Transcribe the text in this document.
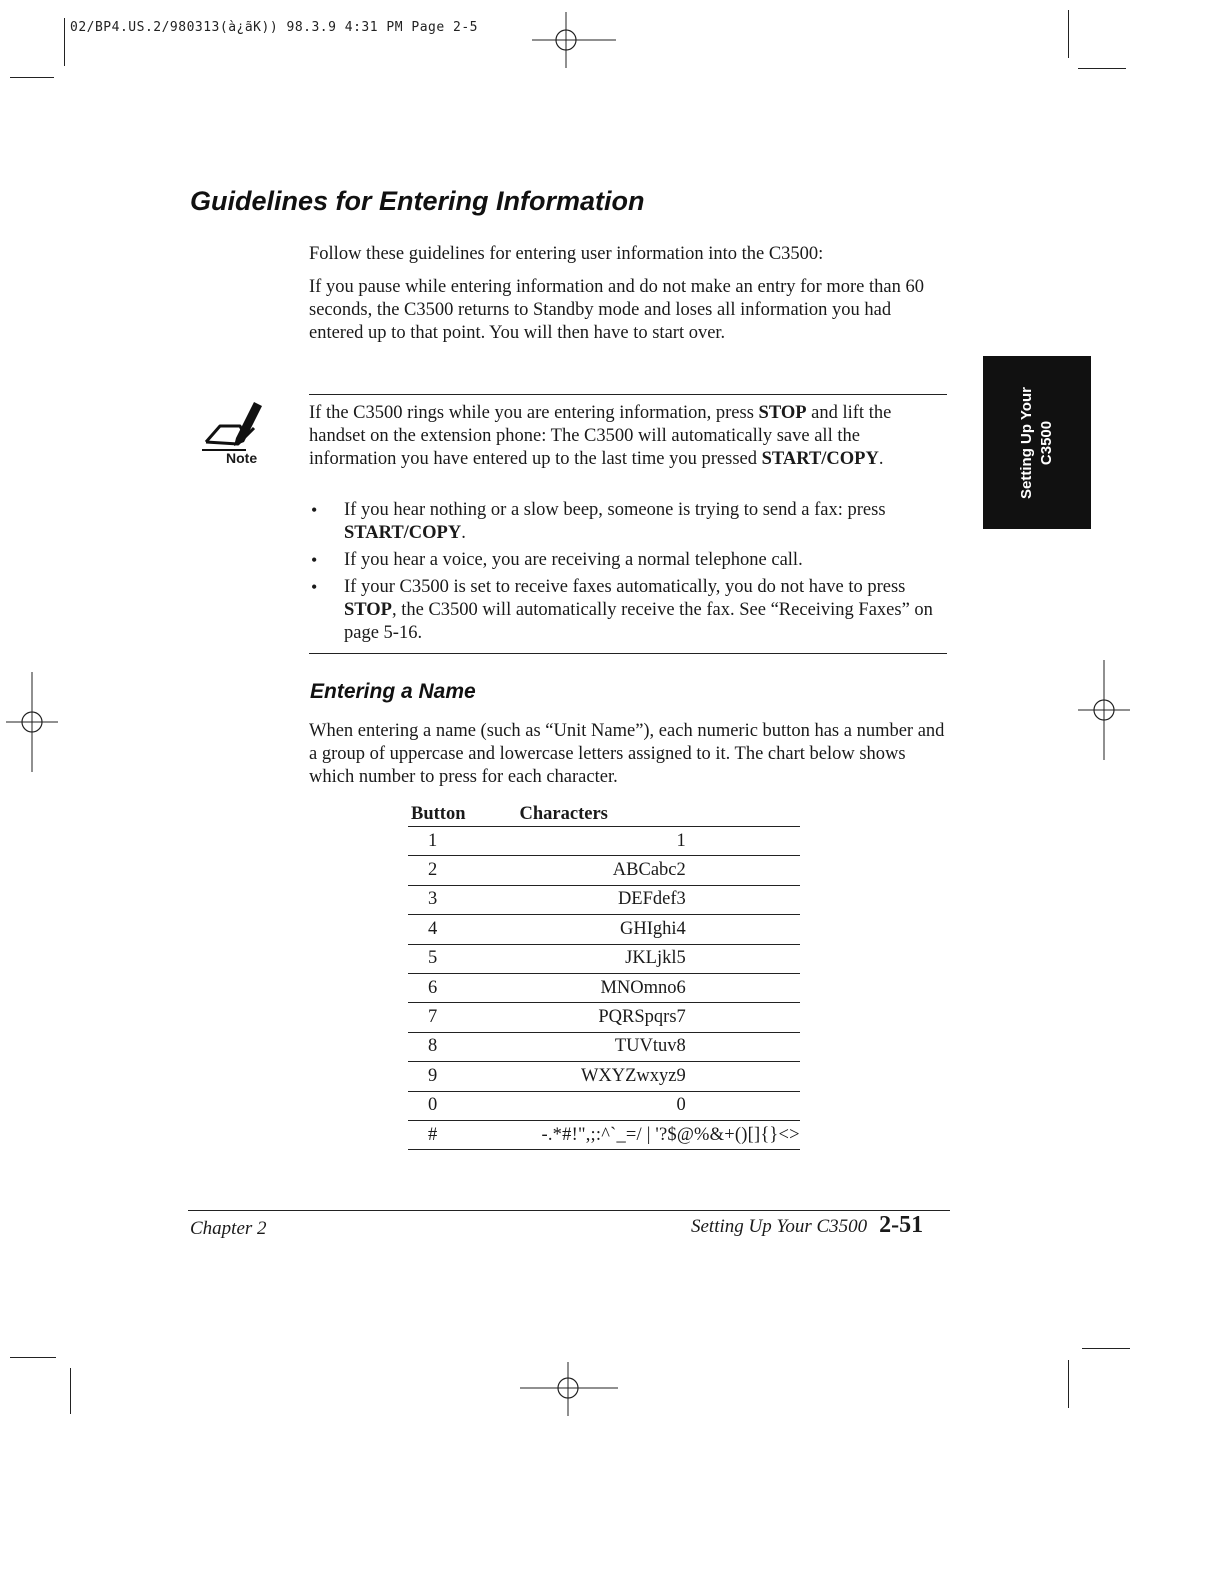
02/BP4.US.2/980313(à¿ãK)) 98.3.9 4:31 PM Page 2-5
Setting Up Your C3500
Guidelines for Entering Information

Follow these guidelines for entering user information into the C3500:

If you pause while entering information and do not make an entry for more than 60 seconds, the C3500 returns to Standby mode and loses all information you had entered up to that point. You will then have to start over.

Note

If the C3500 rings while you are entering information, press STOP and lift the handset on the extension phone: The C3500 will automatically save all the information you have entered up to the last time you pressed START/COPY.

• If you hear nothing or a slow beep, someone is trying to send a fax: press START/COPY.
• If you hear a voice, you are receiving a normal telephone call.
• If your C3500 is set to receive faxes automatically, you do not have to press STOP, the C3500 will automatically receive the fax. See “Receiving Faxes” on page 5-16.
Entering a Name

When entering a name (such as “Unit Name”), each numeric button has a number and a group of uppercase and lowercase letters assigned to it. The chart below shows which number to press for each character.

Button	Characters
1	1
2	ABCabc2
3	DEFdef3
4	GHIghi4
5	JKLjkl5
6	MNOmno6
7	PQRSpqrs7
8	TUVtuv8
9	WXYZwxyz9
0	0
#	-.*#!",;:^`_=/ | '?$@%&+()[]{}<>
Chapter 2	Setting Up Your C3500 2-51
